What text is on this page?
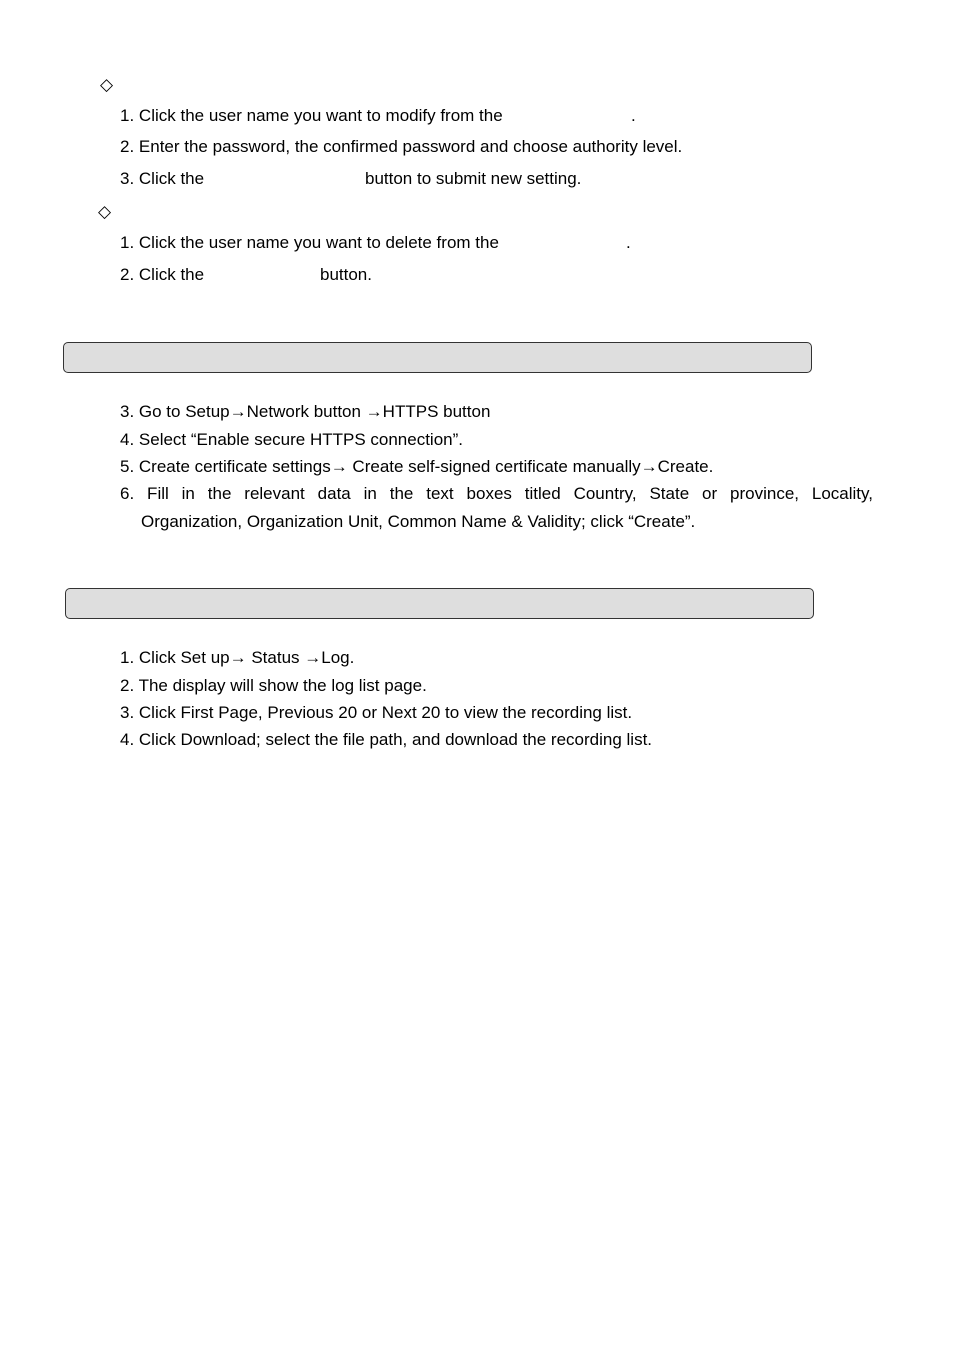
◇
1. Click the user name you want to modify from the	.
2. Enter the password, the confirmed password and choose authority level.
3. Click the	button to submit new setting.
◇
1. Click the user name you want to delete from the	.
2. Click the	button.
3. Go to Setup→Network button →HTTPS button
4. Select “Enable secure HTTPS connection”.
5. Create certificate settings→ Create self-signed certificate manually→Create.
6. Fill in the relevant data in the text boxes titled Country, State or province, Locality,
Organization, Organization Unit, Common Name & Validity; click “Create”.
1. Click Set up→ Status →Log.
2. The display will show the log list page.
3. Click First Page, Previous 20 or Next 20 to view the recording list.
4. Click Download; select the file path, and download the recording list.
